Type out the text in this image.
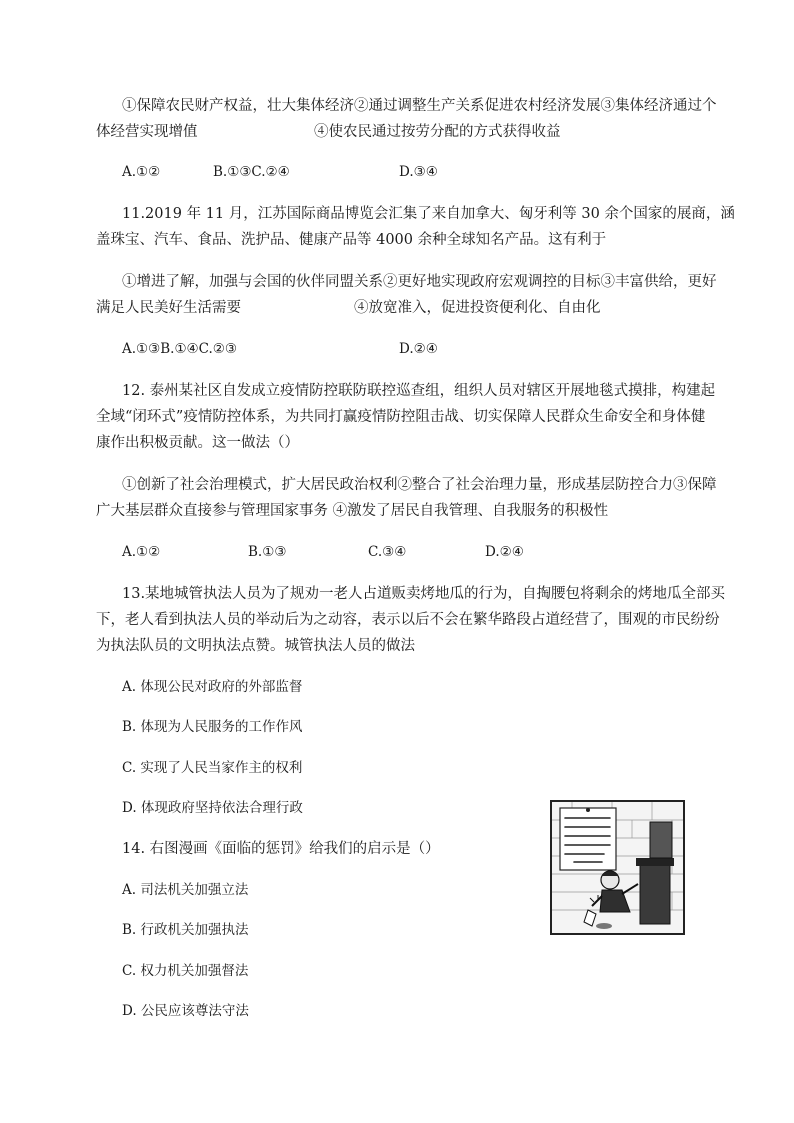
①保障农民财产权益，壮大集体经济②通过调整生产关系促进农村经济发展③集体经济通过个
体经营实现增值	④使农民通过按劳分配的方式获得收益
A.①②	B.①③C.②④	D.③④
11.2019 年 11 月，江苏国际商品博览会汇集了来自加拿大、匈牙利等 30 余个国家的展商，涵
盖珠宝、汽车、食品、洗护品、健康产品等 4000 余种全球知名产品。这有利于
①增进了解，加强与会国的伙伴同盟关系②更好地实现政府宏观调控的目标③丰富供给，更好
满足人民美好生活需要	④放宽准入，促进投资便利化、自由化
A.①③B.①④C.②③	D.②④
12. 泰州某社区自发成立疫情防控联防联控巡查组，组织人员对辖区开展地毯式摸排，构建起
全域“闭环式”疫情防控体系，为共同打赢疫情防控阻击战、切实保障人民群众生命安全和身体健
康作出积极贡献。这一做法（）
①创新了社会治理模式，扩大居民政治权利②整合了社会治理力量，形成基层防控合力③保障
广大基层群众直接参与管理国家事务 ④激发了居民自我管理、自我服务的积极性
A.①②	B.①③	C.③④	D.②④
13.某地城管执法人员为了规劝一老人占道贩卖烤地瓜的行为，自掏腰包将剩余的烤地瓜全部买
下，老人看到执法人员的举动后为之动容，表示以后不会在繁华路段占道经营了，围观的市民纷纷
为执法队员的文明执法点赞。城管执法人员的做法
A. 体现公民对政府的外部监督
B. 体现为人民服务的工作作风
C. 实现了人民当家作主的权利
D. 体现政府坚持依法合理行政
14. 右图漫画《面临的惩罚》给我们的启示是（）
A. 司法机关加强立法
B. 行政机关加强执法
C. 权力机关加强督法
D. 公民应该尊法守法
